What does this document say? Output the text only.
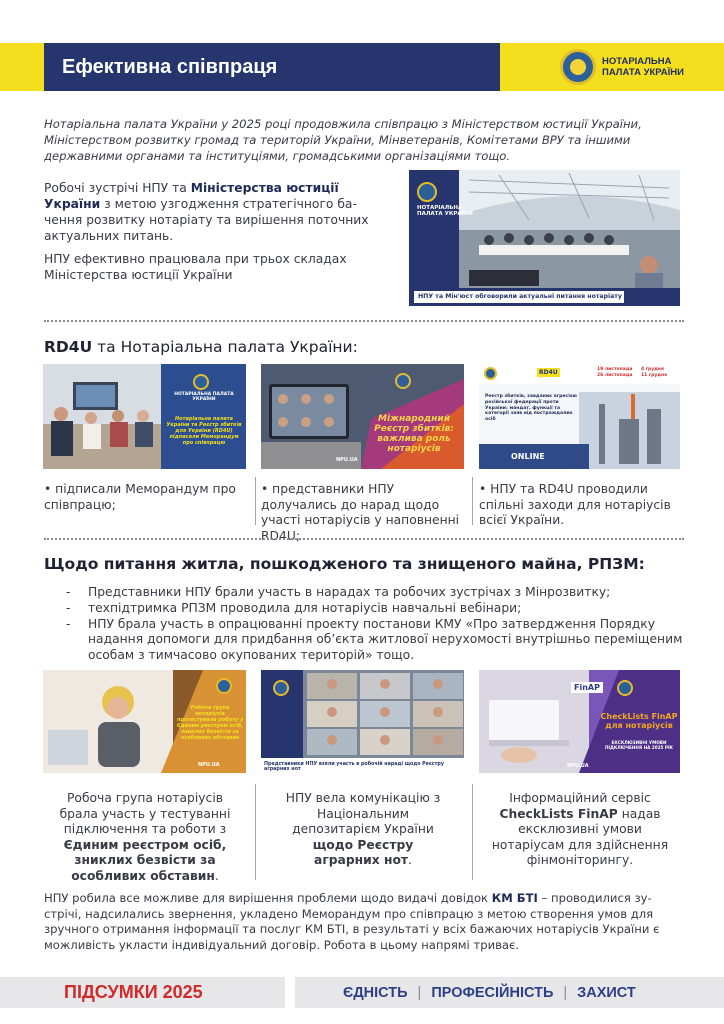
Ефективна співпраця	НОТАРІАЛЬНА
ПАЛАТА УКРАЇНИ
Нотаріальна палата України у 2025 році продовжила співпрацю з Міністерством юстиції України, Міністерством розвитку громад та територій України, Мінветеранів, Комітетами ВРУ та іншими державними органами та інституціями, громадськими організаціями тощо.
Робочі зустрічі НПУ та Міністерства юстиції України з метою узгодження стратегічного бачення розвитку нотаріату та вирішення поточних актуальних питань.
НПУ ефективно працювала при трьох складах Міністерства юстиції України
НОТАРІАЛЬНА
ПАЛАТА УКРАЇНИ
НПУ та Мін'юст обговорили актуальні питання нотаріату
RD4U та Нотаріальна палата України:
НОТАРІАЛЬНА ПАЛАТА УКРАЇНИ
Нотаріальна палата України та Реєстр збитків для України (RD4U) підписали Меморандум про співпрацю
Міжнародний Реєстр збитків: важлива роль нотаріусів
NPU.UA
RD4U	19 листопада
26 листопада
4 грудня
11 грудня
Реєстр збитків, завданих агресією російської федерації проти України: мандат, функції та категорії заяв від постраждалих осіб
ONLINE
• підписали Меморандум про співпрацю;
• представники НПУ долучались до нарад щодо участі нотаріусів у наповненні RD4U;
• НПУ та RD4U проводили спільні заходи для нотаріусів всієї України.
Щодо питання житла, пошкодженого та знищеного майна, РПЗМ:
-	Представники НПУ брали участь в нарадах та робочих зустрічах з Мінрозвитку;
-	техпідтримка РПЗМ проводила для нотаріусів навчальні вебінари;
-	НПУ брала участь в опрацюванні проекту постанови КМУ «Про затвердження Порядку надання допомоги для придбання об’єкта житлової нерухомості внутрішньо переміщеним особам з тимчасово окупованих територій» тощо.
Робоча група нотаріусів протестувала роботу з Єдиним реєстром осіб, зниклих безвісти за особливих обставин
NPU.UA	Представники НПУ взяли участь в робочій нараді щодо Реєстру аграрних нот
FinAP
CheckLists FinAP для нотаріусів
ЕКСКЛЮЗИВНІ УМОВИ ПІДКЛЮЧЕННЯ НА 2025 РІК
NPU.UA
Робоча група нотаріусів брала участь у тестуванні підключення та роботи з Єдиним реєстром осіб, зниклих безвісти за особливих обставин.
НПУ вела комунікацію з Національним депозитарієм України щодо Реєстру аграрних нот.
Інформаційний сервіс CheckLists FinAP надав ексклюзивні умови нотаріусам для здійснення фінмоніторингу.
НПУ робила все можливе для вирішення проблеми щодо видачі довідок КМ БТІ – проводилися зустрічі, надсилались звернення, укладено Меморандум про співпрацю з метою створення умов для зручного отримання інформації та послуг КМ БТІ, в результаті у всіх бажаючих нотаріусів України є можливість укласти індивідуальний договір. Робота в цьому напрямі триває.
ПІДСУМКИ 2025	ЄДНІСТЬ | ПРОФЕСІЙНІСТЬ | ЗАХИСТ
